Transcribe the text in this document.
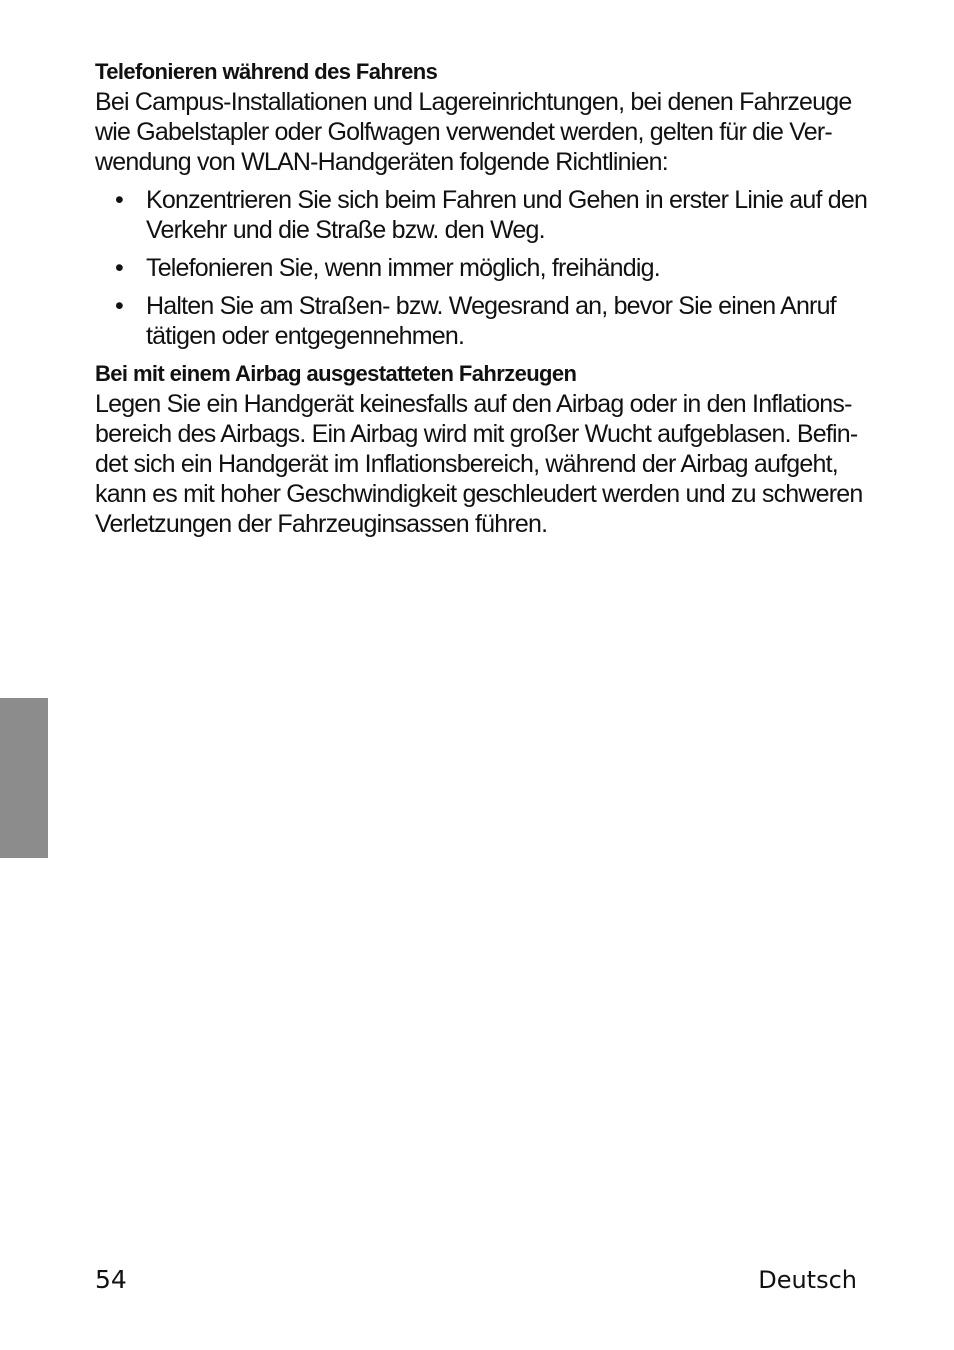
Telefonieren während des Fahrens

Bei Campus-Installationen und Lagereinrichtungen, bei denen Fahrzeuge
wie Gabelstapler oder Golfwagen verwendet werden, gelten für die Ver-
wendung von WLAN-Handgeräten folgende Richtlinien:

• Konzentrieren Sie sich beim Fahren und Gehen in erster Linie auf den
Verkehr und die Straße bzw. den Weg.
• Telefonieren Sie, wenn immer möglich, freihändig.
• Halten Sie am Straßen- bzw. Wegesrand an, bevor Sie einen Anruf
tätigen oder entgegennehmen.
Bei mit einem Airbag ausgestatteten Fahrzeugen

Legen Sie ein Handgerät keinesfalls auf den Airbag oder in den Inflations-
bereich des Airbags. Ein Airbag wird mit großer Wucht aufgeblasen. Befin-
det sich ein Handgerät im Inflationsbereich, während der Airbag aufgeht,
kann es mit hoher Geschwindigkeit geschleudert werden und zu schweren
Verletzungen der Fahrzeuginsassen führen.

54	Deutsch
